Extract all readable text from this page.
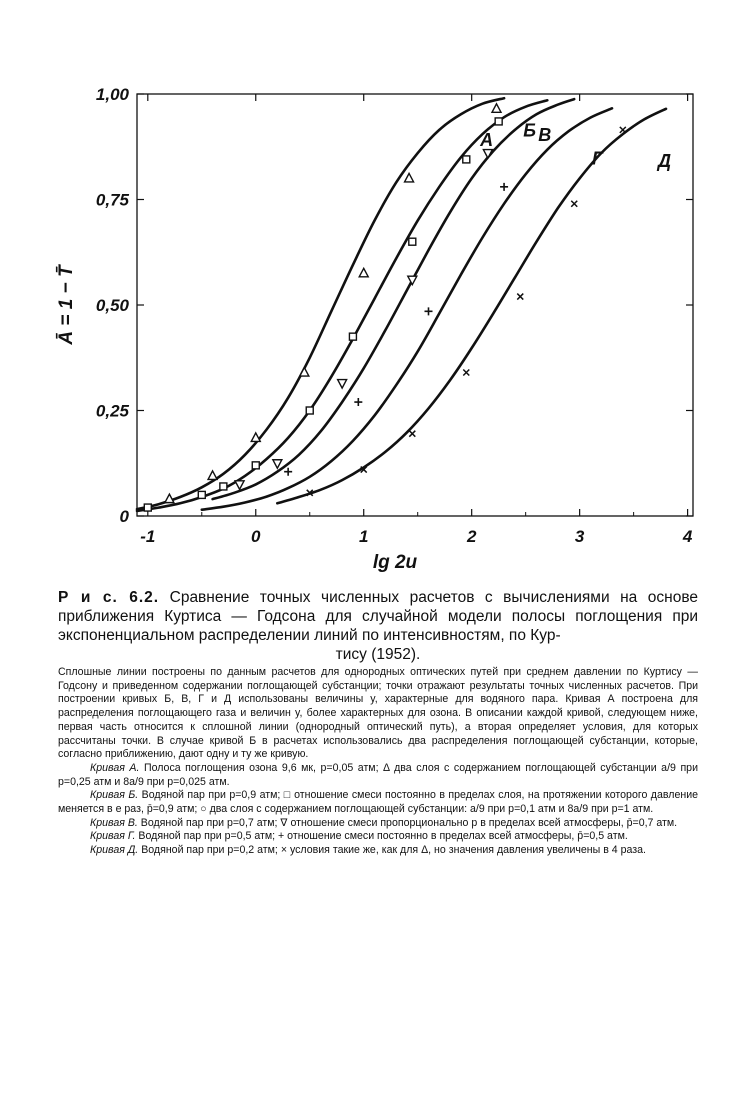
-1	0	1	2	3	4
0
0,25
0,50
0,75
1,00
lg 2u
Ā = 1 − T̄
А Б В
Г	Д
Р и с. 6.2. Сравнение точных численных расчетов с вычислениями на основе приближения Куртиса — Годсона для случайной модели полосы поглощения при экспоненциальном распределении линий по интенсивностям, по Кур-
тису (1952).

Сплошные линии построены по данным расчетов для однородных оптических путей при среднем давлении по Куртису — Годсону и приведенном содержании поглощающей субстанции; точки отражают результаты точных численных расчетов. При построении кривых Б, В, Г и Д использованы величины y, характерные для водяного пара. Кривая А построена для распределения поглощающего газа и величин y, более характерных для озона. В описании каждой кривой, следующем ниже, первая часть относится к сплошной линии (однородный оптический путь), а вторая определяет условия, для которых рассчитаны точки. В случае кривой Б в расчетах использовались два распределения поглощающей субстанции, которые, согласно приближению, дают одну и ту же кривую.

Кривая А. Полоса поглощения озона 9,6 мк, p=0,05 атм; Δ два слоя с содержанием поглощающей субстанции a/9 при p=0,25 атм и 8a/9 при p=0,025 атм.

Кривая Б. Водяной пар при p=0,9 атм; □ отношение смеси постоянно в пределах слоя, на протяжении которого давление меняется в e раз, p̄=0,9 атм; ○ два слоя с содержанием поглощающей субстанции: a/9 при p=0,1 атм и 8a/9 при p=1 атм.

Кривая В. Водяной пар при p=0,7 атм; ∇ отношение смеси пропорционально p в пределах всей атмосферы, p̄=0,7 атм.

Кривая Г. Водяной пар при p=0,5 атм; + отношение смеси постоянно в пределах всей атмосферы, p̄=0,5 атм.

Кривая Д. Водяной пар при p=0,2 атм; × условия такие же, как для Δ, но значения давления увеличены в 4 раза.
